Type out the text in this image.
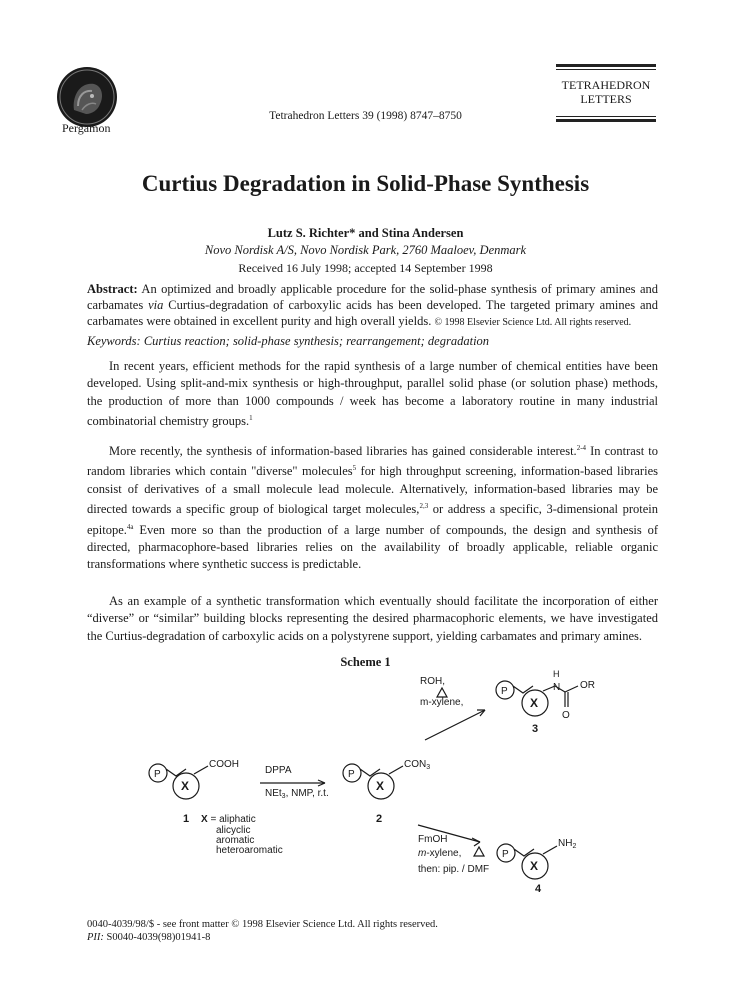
Pergamon
Tetrahedron Letters 39 (1998) 8747–8750
TETRAHEDRON
LETTERS
Curtius Degradation in Solid-Phase Synthesis
Lutz S. Richter* and Stina Andersen
Novo Nordisk A/S, Novo Nordisk Park, 2760 Maaloev, Denmark
Received 16 July 1998; accepted 14 September 1998
Abstract: An optimized and broadly applicable procedure for the solid-phase synthesis of primary amines and carbamates via Curtius-degradation of carboxylic acids has been developed. The targeted primary amines and carbamates were obtained in excellent purity and high overall yields. © 1998 Elsevier Science Ltd. All rights reserved.
Keywords: Curtius reaction; solid-phase synthesis; rearrangement; degradation
In recent years, efficient methods for the rapid synthesis of a large number of chemical entities have been developed. Using split-and-mix synthesis or high-throughput, parallel solid phase (or solution phase) methods, the production of more than 1000 compounds / week has become a laboratory routine in many industrial combinatorial chemistry groups.$^1$
More recently, the synthesis of information-based libraries has gained considerable interest.$^{2-4}$ In contrast to random libraries which contain "diverse" molecules$^5$ for high throughput screening, information-based libraries consist of derivatives of a small molecule lead molecule. Alternatively, information-based libraries may be directed towards a specific group of biological target molecules,$^{2,3}$ or address a specific, 3-dimensional protein epitope.$^{4a}$ Even more so than the production of a large number of compounds, the design and synthesis of directed, pharmacophore-based libraries relies on the availability of broadly applicable, reliable organic transformations where synthetic success is predictable.
As an example of a synthetic transformation which eventually should facilitate the incorporation of either “diverse” or “similar” building blocks representing the desired pharmacophoric elements, we have investigated the Curtius-degradation of carboxylic acids on a polystyrene support, yielding carbamates and primary amines.
Scheme 1
P
X
COOH
1 X = aliphatic
alicyclic
aromatic
heteroaromatic
DPPA
NEt$_3$, NMP, r.t.
P
X
$CON_3$
2
ROH,
m-xylene,
P
X
H
N OR
O
3
FmOH
m-xylene,
then: pip. / DMF
P
X
$NH_2$
4
0040-4039/98/$ - see front matter © 1998 Elsevier Science Ltd. All rights reserved.
PII: S0040-4039(98)01941-8
